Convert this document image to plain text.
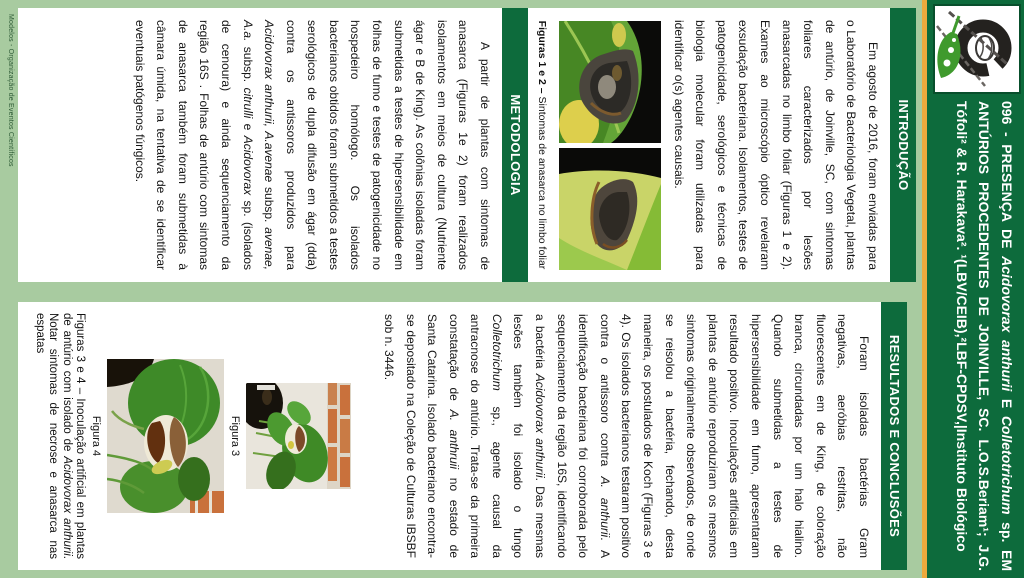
096 - PRESENÇA DE Acidovorax anthurii E Colletotrichum sp. EM ANTÚRIOS PROCEDENTES DE JOINVILLE, SC. L.O.S.Beriam¹; J.G. Tófoli² & R. Harakava². ¹(LBV/CEIB),²LBF-CPDSV,|Instituto Biológico
INTRODUÇÃO

Em agosto de 2016, foram enviadas para o Laboratório de Bacteriologia Vegetal, plantas de antúrio, de Joinville, SC, com sintomas foliares caracterizados por lesões anasarcadas no limbo foliar (Figuras 1 e 2). Exames ao microscópio óptico revelaram exsudação bacteriana. Isolamentos, testes de patogenicidade, serológicos e técnicas de biologia molecular foram utilizadas para identificar o(s) agentes causais.

Figuras 1 e 2 – Sintomas de anasarca no limbo foliar

METODOLOGIA

A partir de plantas com sintomas de anasarca (Figuras 1e 2) foram realizados isolamentos em meios de cultura (Nutriente ágar e B de King). As colônias isoladas foram submetidas a testes de hipersensibilidade em folhas de fumo e testes de patogenicidade no hospedeiro homólogo. Os isolados bacterianos obtidos foram submetidos a testes serológicos de dupla difusão em ágar (dda) contra os antissoros produzidos para Acidovorax anthurii, A.avenae subsp. avenae, A.a. subsp. citrulli e Acidovorax sp. (isolados de cenoura) e ainda sequenciamento da região 16S . Folhas de antúrio com sintomas de anasarca também foram submetidas à câmara úmida, na tentativa de se identificar eventuais patógenos fúngicos.

RESULTADOS E CONCLUSÕES

Foram isoladas bactérias Gram negativas, aeróbias restritas, não fluorescentes em de King, de coloração branca, circundadas por um halo hialino. Quando submetidas a testes de hipersensibilidade em fumo, apresentaram resultado positivo. Inoculações artificiais em plantas de antúrio reproduziram os mesmos sintomas originalmente observados, de onde se reisolou a bactéria, fechando, desta maneira, os postulados de Koch (Figuras 3 e 4). Os isolados bacterianos testaram positivo contra o antissoro contra A. anthurii. A identificação bacteriana foi corroborada pelo sequenciamento da região 16S, identificando a bactéria Acidovorax anthurii. Das mesmas lesões também foi isolado o fungo Colletotrichum sp., agente causal da antracnose do antúrio. Trata-se da primeira constatação de A. anthruii no estado de Santa Catarina. Isolado bacteriano encontra-se depositado na Coleção de Culturas IBSBF sob n. 3446.

Figura 3
Figura 4

Figuras 3 e 4 – Inoculação artificial em plantas de antúrio com isolado de Acidovorax anthurii. Notar sintomas de necrose e anasarca nas espatas

Modelos - Organização de Eventos Científicos
